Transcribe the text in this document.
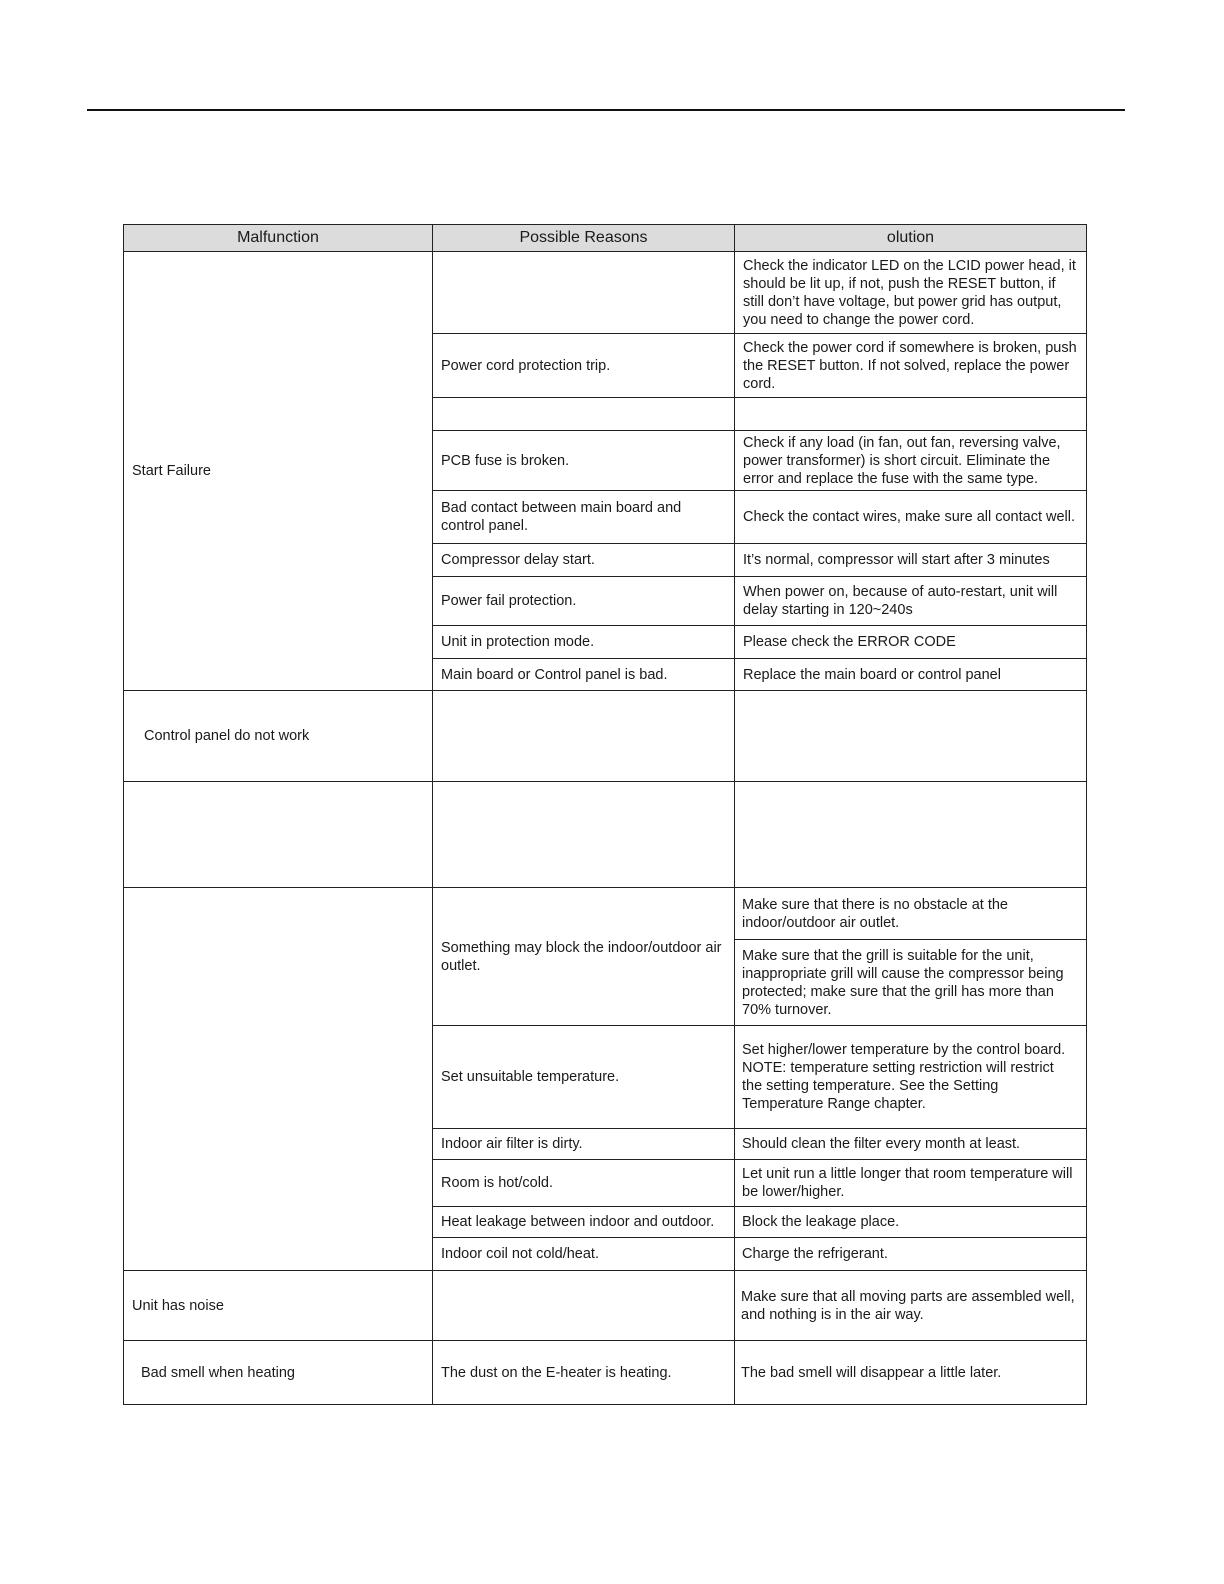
Malfunction	Possible Reasons	olution
Start Failure		Check the indicator LED on the LCID power head, it should be lit up, if not, push the RESET button, if still don’t have voltage, but power grid has output, you need to change the power cord.
	Power cord protection trip.	Check the power cord if somewhere is broken, push the RESET button. If not solved, replace the power cord.

	PCB fuse is broken.	Check if any load (in fan, out fan, reversing valve, power transformer) is short circuit. Eliminate the error and replace the fuse with the same type.
	Bad contact between main board and control panel.	Check the contact wires, make sure all contact well.
	Compressor delay start.	It’s normal, compressor will start after 3 minutes
	Power fail protection.	When power on, because of auto-restart, unit will delay starting in 120~240s
	Unit in protection mode.	Please check the ERROR CODE
	Main board or Control panel is bad.	Replace the main board or control panel
Control panel do not work		

	Something may block the indoor/outdoor air outlet.	Make sure that there is no obstacle at the indoor/outdoor air outlet.
		Make sure that the grill is suitable for the unit, inappropriate grill will cause the compressor being protected; make sure that the grill has more than 70% turnover.
	Set unsuitable temperature.	Set higher/lower temperature by the control board. NOTE: temperature setting restriction will restrict the setting temperature. See the Setting Temperature Range chapter.
	Indoor air filter is dirty.	Should clean the filter every month at least.
	Room is hot/cold.	Let unit run a little longer that room temperature will be lower/higher.
	Heat leakage between indoor and outdoor.	Block the leakage place.
	Indoor coil not cold/heat.	Charge the refrigerant.
Unit has noise		Make sure that all moving parts are assembled well, and nothing is in the air way.
Bad smell when heating	The dust on the E-heater is heating.	The bad smell will disappear a little later.
